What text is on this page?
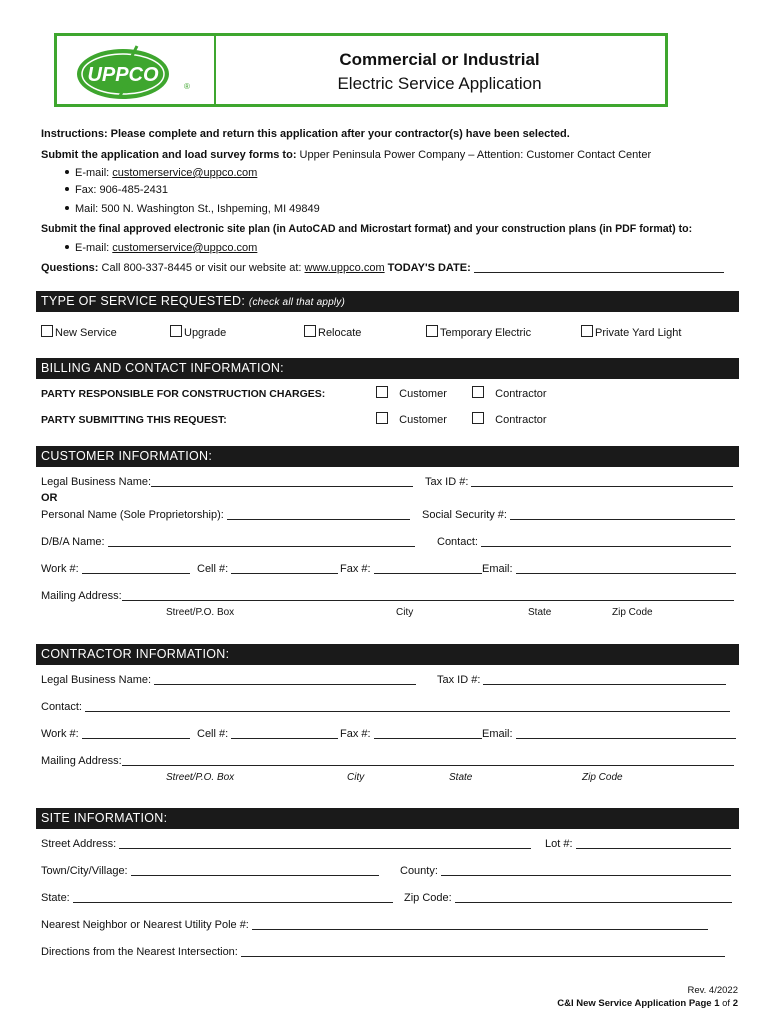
UPPCO
®
Commercial or Industrial
Electric Service Application
Instructions: Please complete and return this application after your contractor(s) have been selected.
Submit the application and load survey forms to: Upper Peninsula Power Company – Attention: Customer Contact Center
E-mail: customerservice@uppco.com
Fax: 906-485-2431
Mail: 500 N. Washington St., Ishpeming, MI 49849
Submit the final approved electronic site plan (in AutoCAD and Microstart format) and your construction plans (in PDF format) to:
E-mail: customerservice@uppco.com
Questions: Call 800-337-8445 or visit our website at: www.uppco.com TODAY'S DATE:
TYPE OF SERVICE REQUESTED: (check all that apply)
New Service	Upgrade	Relocate	Temporary Electric	Private Yard Light
BILLING AND CONTACT INFORMATION:
PARTY RESPONSIBLE FOR CONSTRUCTION CHARGES:	Customer	Contractor
PARTY SUBMITTING THIS REQUEST:	Customer	Contractor
CUSTOMER INFORMATION:
Legal Business Name:	Tax ID #:
OR
Personal Name (Sole Proprietorship):	Social Security #:
D/B/A Name:	Contact:
Work #:	Cell #:	Fax #:	Email:
Mailing Address:
Street/P.O. Box	City	State	Zip Code
CONTRACTOR INFORMATION:
Legal Business Name:	Tax ID #:
Contact:
Work #:	Cell #:	Fax #:	Email:
Mailing Address:
Street/P.O. Box	City	State	Zip Code
SITE INFORMATION:
Street Address:	Lot #:
Town/City/Village:	County:
State:	Zip Code:
Nearest Neighbor or Nearest Utility Pole #:
Directions from the Nearest Intersection:
Rev. 4/2022
C&I New Service Application Page 1 of 2
